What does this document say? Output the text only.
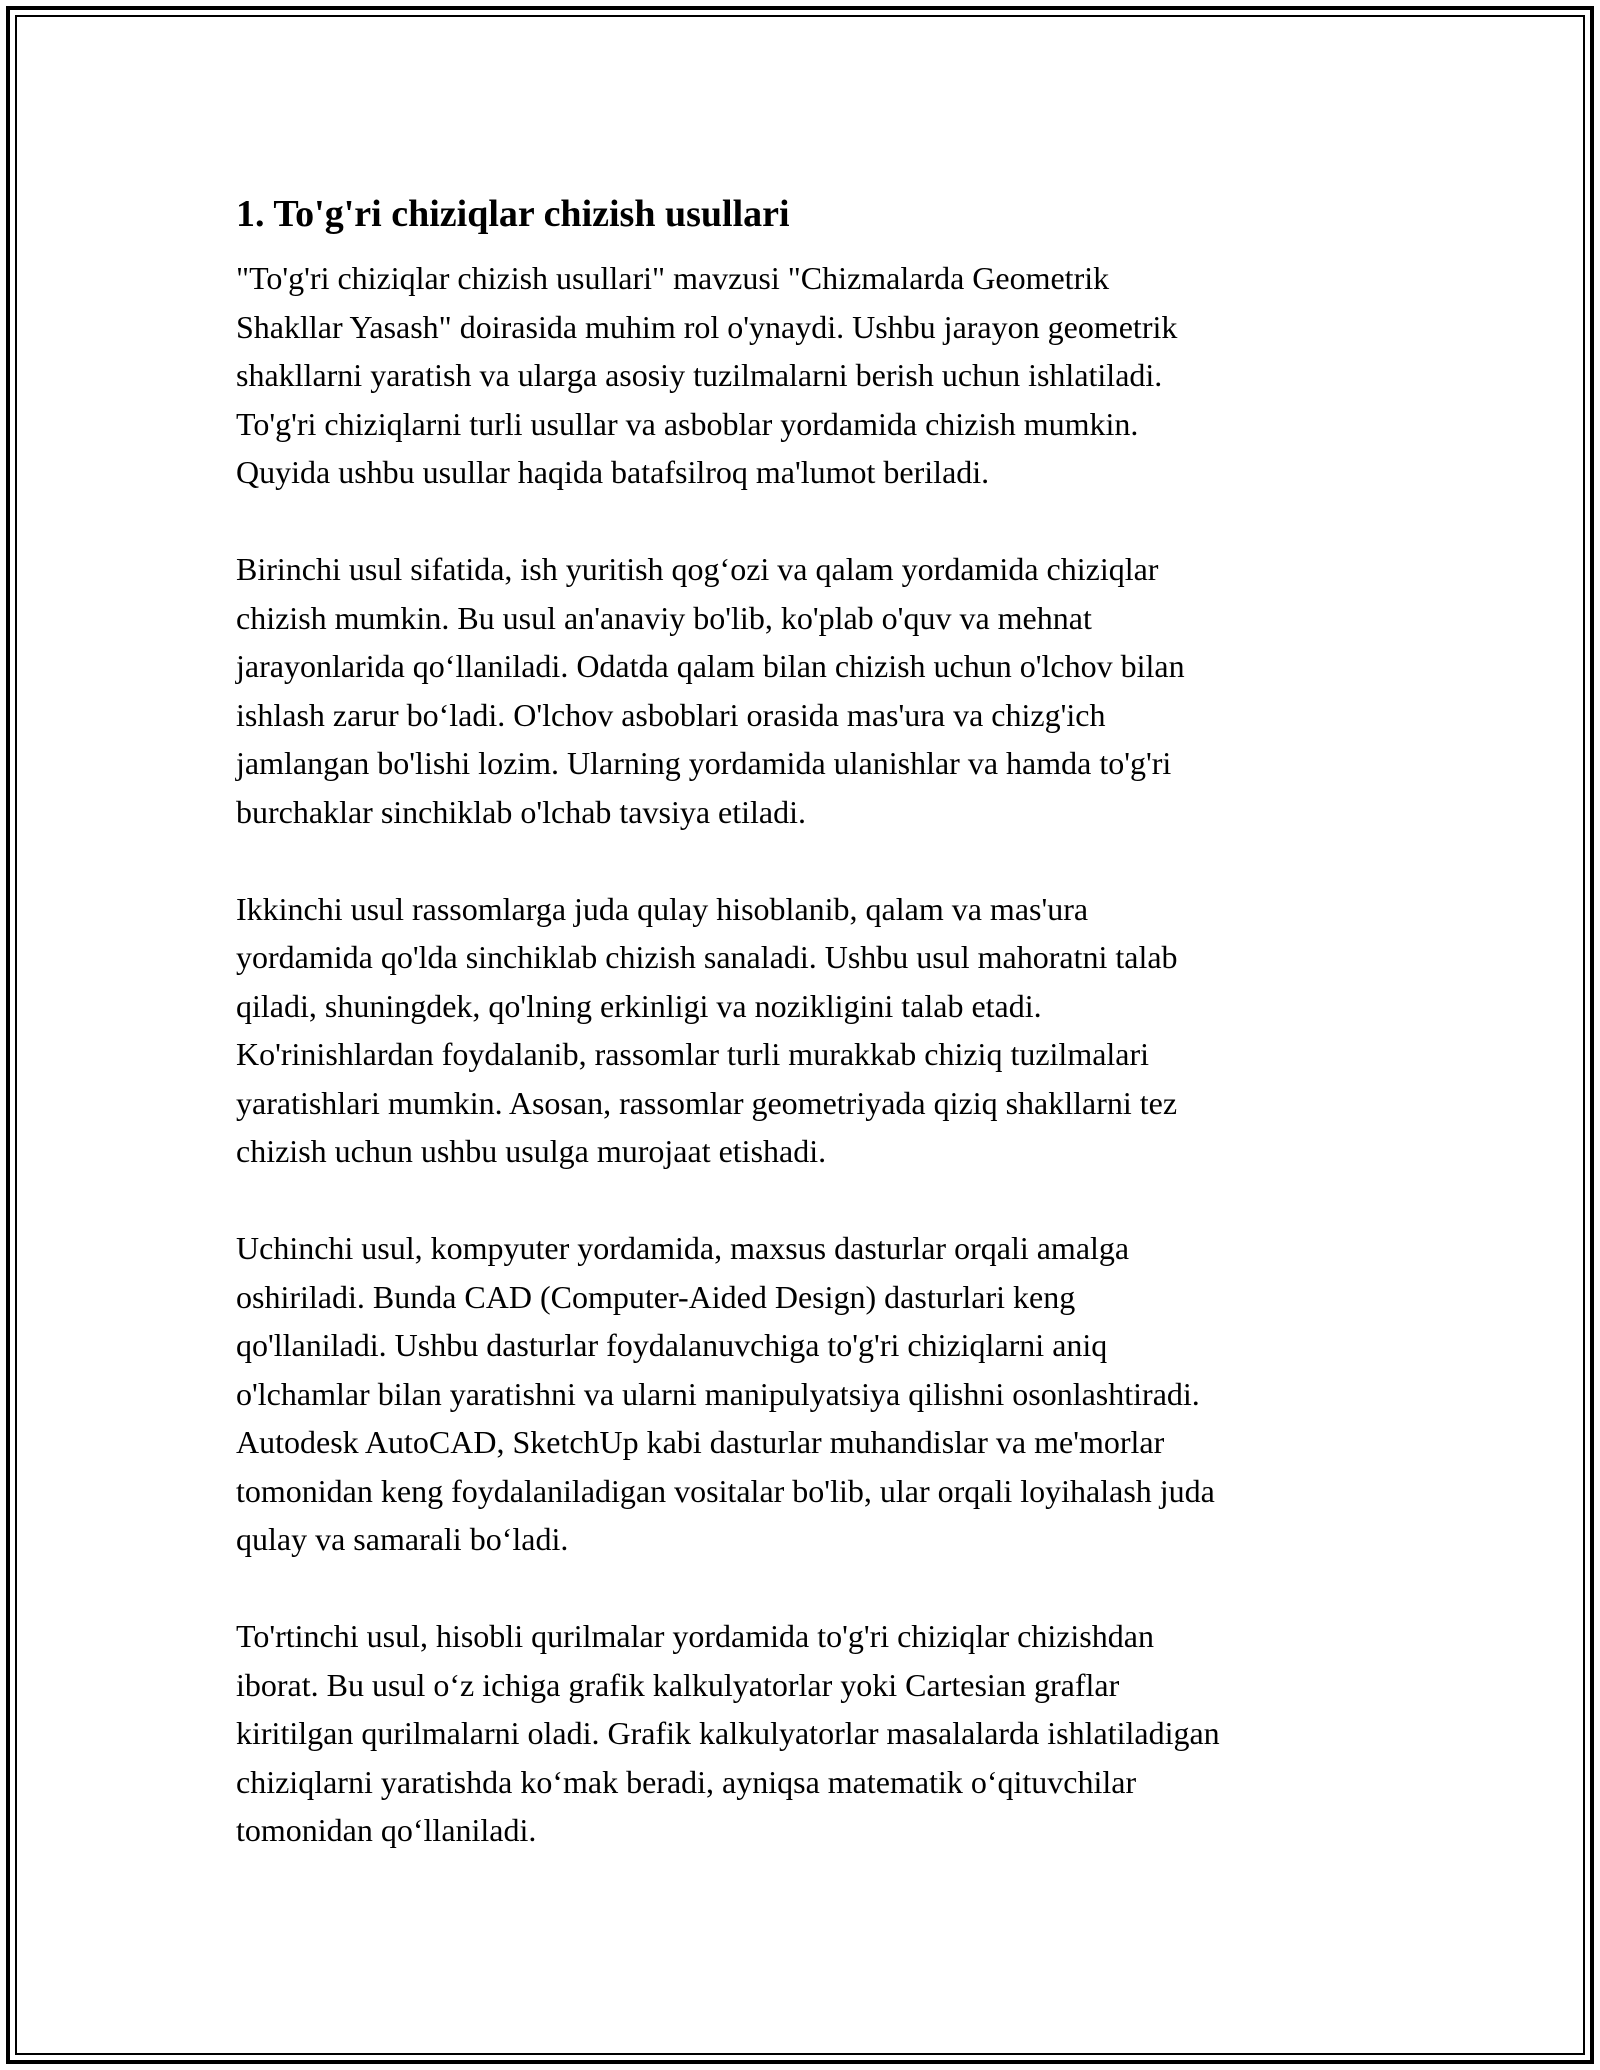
1. To'g'ri chiziqlar chizish usullari

"To'g'ri chiziqlar chizish usullari" mavzusi "Chizmalarda Geometrik
Shakllar Yasash" doirasida muhim rol o'ynaydi. Ushbu jarayon geometrik
shakllarni yaratish va ularga asosiy tuzilmalarni berish uchun ishlatiladi.
To'g'ri chiziqlarni turli usullar va asboblar yordamida chizish mumkin.
Quyida ushbu usullar haqida batafsilroq ma'lumot beriladi.

Birinchi usul sifatida, ish yuritish qogʻozi va qalam yordamida chiziqlar
chizish mumkin. Bu usul an'anaviy bo'lib, ko'plab o'quv va mehnat
jarayonlarida qoʻllaniladi. Odatda qalam bilan chizish uchun o'lchov bilan
ishlash zarur boʻladi. O'lchov asboblari orasida mas'ura va chizg'ich
jamlangan bo'lishi lozim. Ularning yordamida ulanishlar va hamda to'g'ri
burchaklar sinchiklab o'lchab tavsiya etiladi.

Ikkinchi usul rassomlarga juda qulay hisoblanib, qalam va mas'ura
yordamida qo'lda sinchiklab chizish sanaladi. Ushbu usul mahoratni talab
qiladi, shuningdek, qo'lning erkinligi va nozikligini talab etadi.
Ko'rinishlardan foydalanib, rassomlar turli murakkab chiziq tuzilmalari
yaratishlari mumkin. Asosan, rassomlar geometriyada qiziq shakllarni tez
chizish uchun ushbu usulga murojaat etishadi.

Uchinchi usul, kompyuter yordamida, maxsus dasturlar orqali amalga
oshiriladi. Bunda CAD (Computer-Aided Design) dasturlari keng
qo'llaniladi. Ushbu dasturlar foydalanuvchiga to'g'ri chiziqlarni aniq
o'lchamlar bilan yaratishni va ularni manipulyatsiya qilishni osonlashtiradi.
Autodesk AutoCAD, SketchUp kabi dasturlar muhandislar va me'morlar
tomonidan keng foydalaniladigan vositalar bo'lib, ular orqali loyihalash juda
qulay va samarali boʻladi.

To'rtinchi usul, hisobli qurilmalar yordamida to'g'ri chiziqlar chizishdan
iborat. Bu usul oʻz ichiga grafik kalkulyatorlar yoki Cartesian graflar
kiritilgan qurilmalarni oladi. Grafik kalkulyatorlar masalalarda ishlatiladigan
chiziqlarni yaratishda koʻmak beradi, ayniqsa matematik oʻqituvchilar
tomonidan qoʻllaniladi.
